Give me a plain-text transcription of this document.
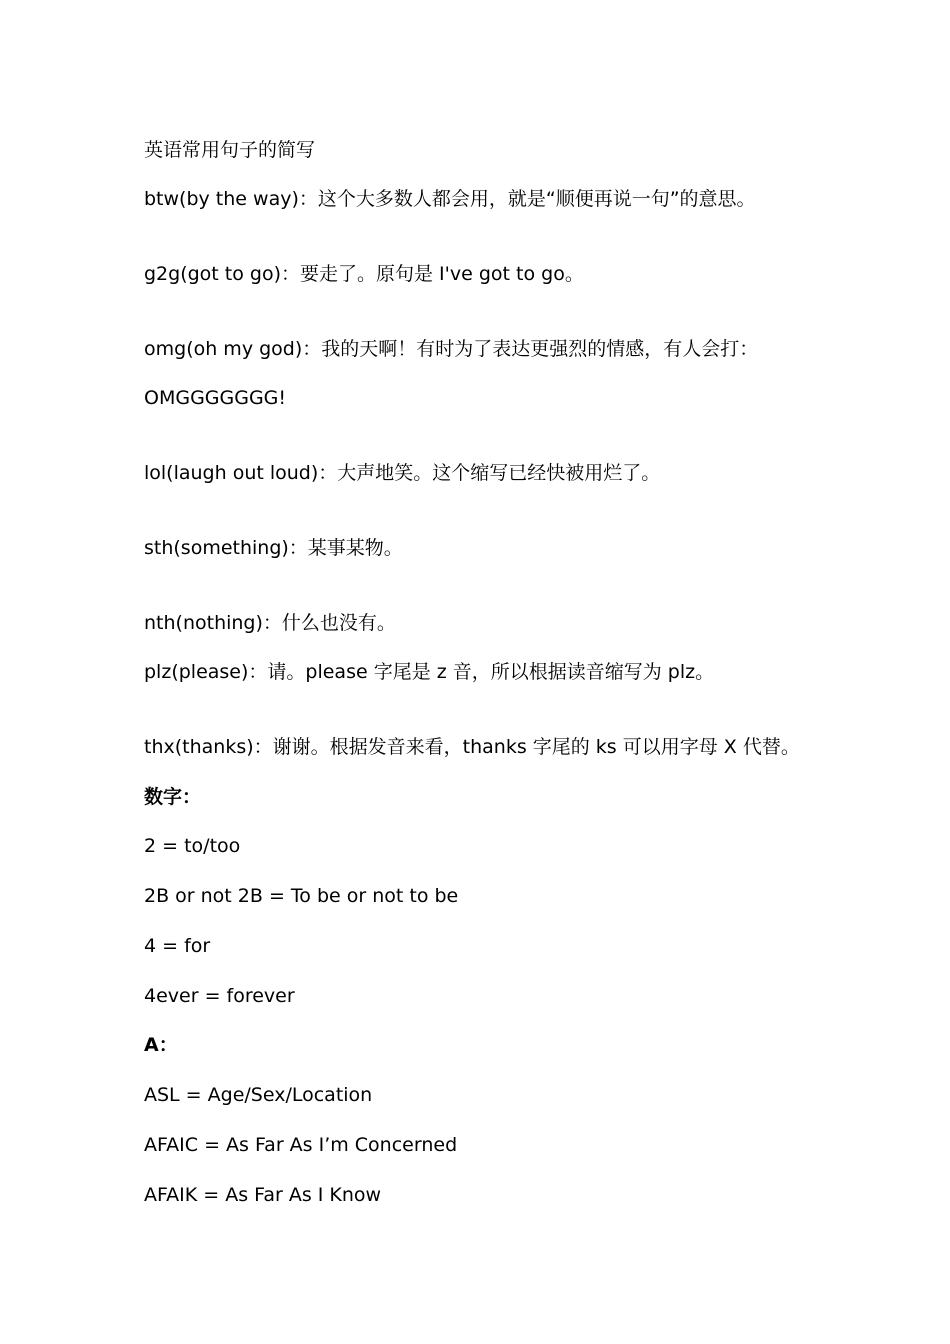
英语常用句子的简写

btw(by the way)：这个大多数人都会用，就是“顺便再说一句”的意思。

g2g(got to go)：要走了。原句是 I've got to go。

omg(oh my god)：我的天啊！有时为了表达更强烈的情感，有人会打：

OMGGGGGGG!

lol(laugh out loud)：大声地笑。这个缩写已经快被用烂了。

sth(something)：某事某物。

nth(nothing)：什么也没有。

plz(please)：请。please 字尾是 z 音，所以根据读音缩写为 plz。

thx(thanks)：谢谢。根据发音来看，thanks 字尾的 ks 可以用字母 X 代替。

数字：

2 = to/too

2B or not 2B = To be or not to be

4 = for

4ever = forever

A：

ASL = Age/Sex/Location

AFAIC = As Far As I’m Concerned

AFAIK = As Far As I Know
